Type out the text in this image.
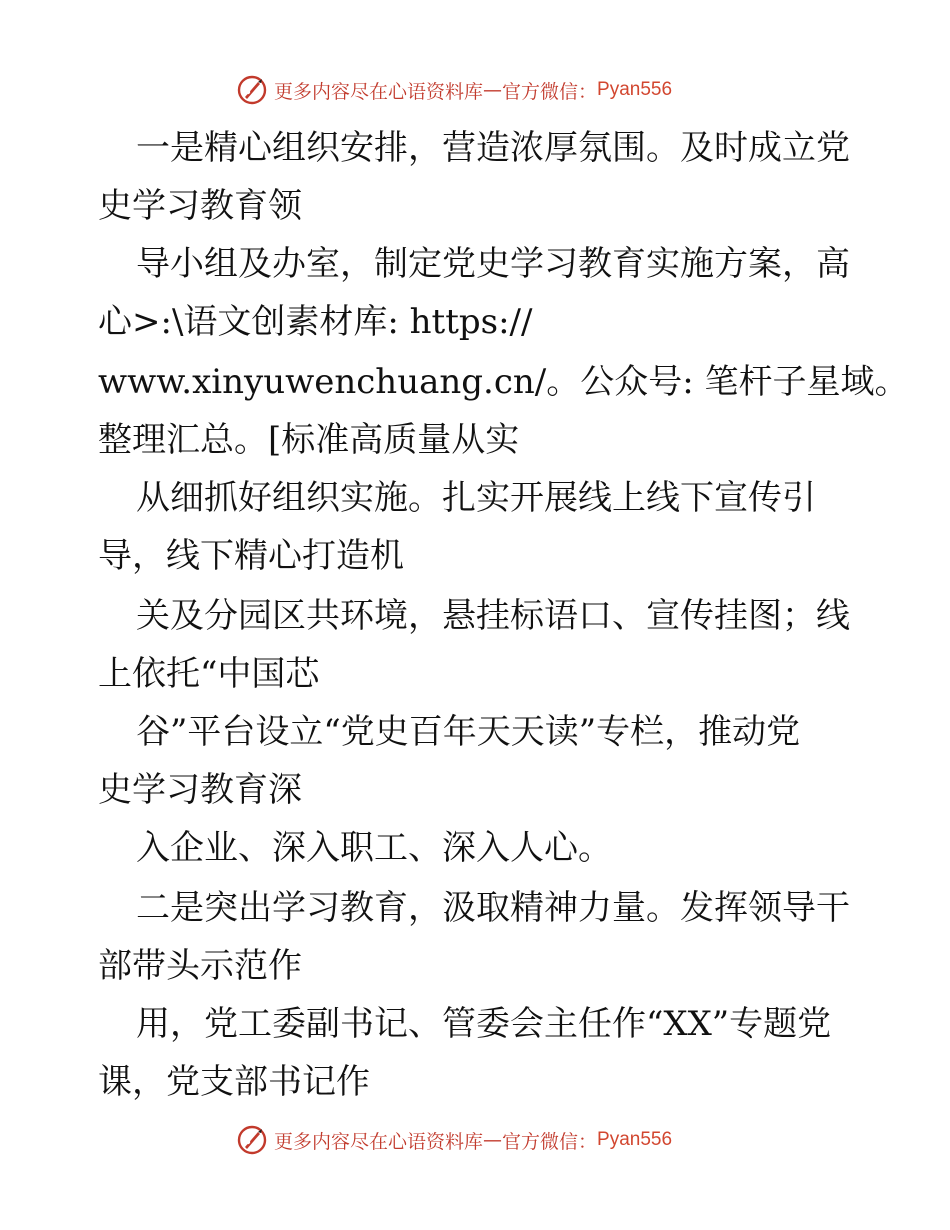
更多内容尽在心语资料库 — 官方微信： Pyan556
一是精心组织安排，营造浓厚氛围。及时成立党
史学习教育领
导小组及办室，制定党史学习教育实施方案，高
心>:\语文创素材库: https://
www.xinyuwenchuang.cn/。公众号: 笔杆子星域。
整理汇总。[标准高质量从实
从细抓好组织实施。扎实开展线上线下宣传引
导，线下精心打造机
关及分园区共环境，悬挂标语口、宣传挂图；线
上依托“中国芯
谷”平台设立“党史百年天天读”专栏，推动党
史学习教育深
入企业、深入职工、深入人心。
二是突出学习教育，汲取精神力量。发挥领导干
部带头示范作
用，党工委副书记、管委会主任作“XX”专题党
课，党支部书记作
更多内容尽在心语资料库 — 官方微信： Pyan556
